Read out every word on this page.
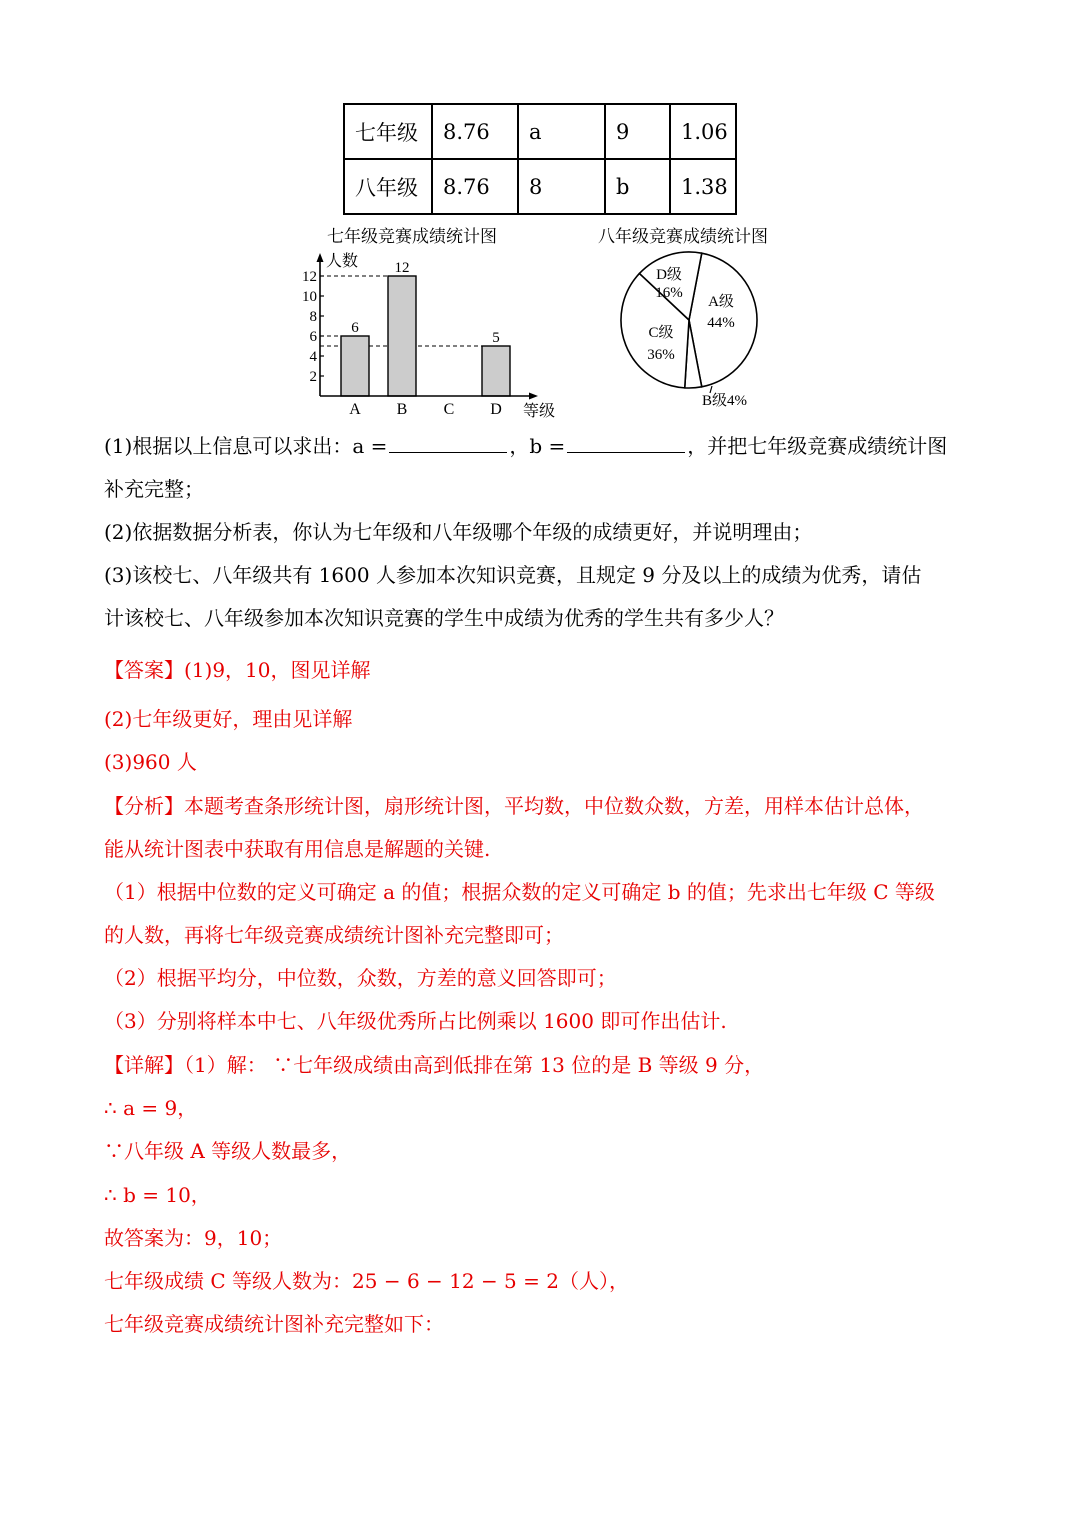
七年级	8.76	a	9	1.06
八年级	8.76	8	b	1.38
七年级竞赛成绩统计图	八年级竞赛成绩统计图
6
12
5
2
4
6
8
10
12
A B C D
人数
等级
D级
16%
A级
44%
C级
36%
B级4%
(1)根据以上信息可以求出：a =	，b =	，并把七年级竞赛成绩统计图
补充完整；
(2)依据数据分析表，你认为七年级和八年级哪个年级的成绩更好，并说明理由；
(3)该校七、八年级共有 1600 人参加本次知识竞赛，且规定 9 分及以上的成绩为优秀，请估
计该校七、八年级参加本次知识竞赛的学生中成绩为优秀的学生共有多少人？
【答案】(1)9，10，图见详解
(2)七年级更好，理由见详解
(3)960 人
【分析】本题考查条形统计图，扇形统计图，平均数，中位数众数，方差，用样本估计总体，
能从统计图表中获取有用信息是解题的关键.
（1）根据中位数的定义可确定 a 的值；根据众数的定义可确定 b 的值；先求出七年级 C 等级
的人数，再将七年级竞赛成绩统计图补充完整即可；
（2）根据平均分，中位数，众数，方差的意义回答即可；
（3）分别将样本中七、八年级优秀所占比例乘以 1600 即可作出估计.
【详解】（1）解： ∵七年级成绩由高到低排在第 13 位的是 B 等级 9 分，
∴ a = 9，
∵八年级 A 等级人数最多，
∴ b = 10，
故答案为：9，10；
七年级成绩 C 等级人数为：25 − 6 − 12 − 5 = 2（人），
七年级竞赛成绩统计图补充完整如下：
